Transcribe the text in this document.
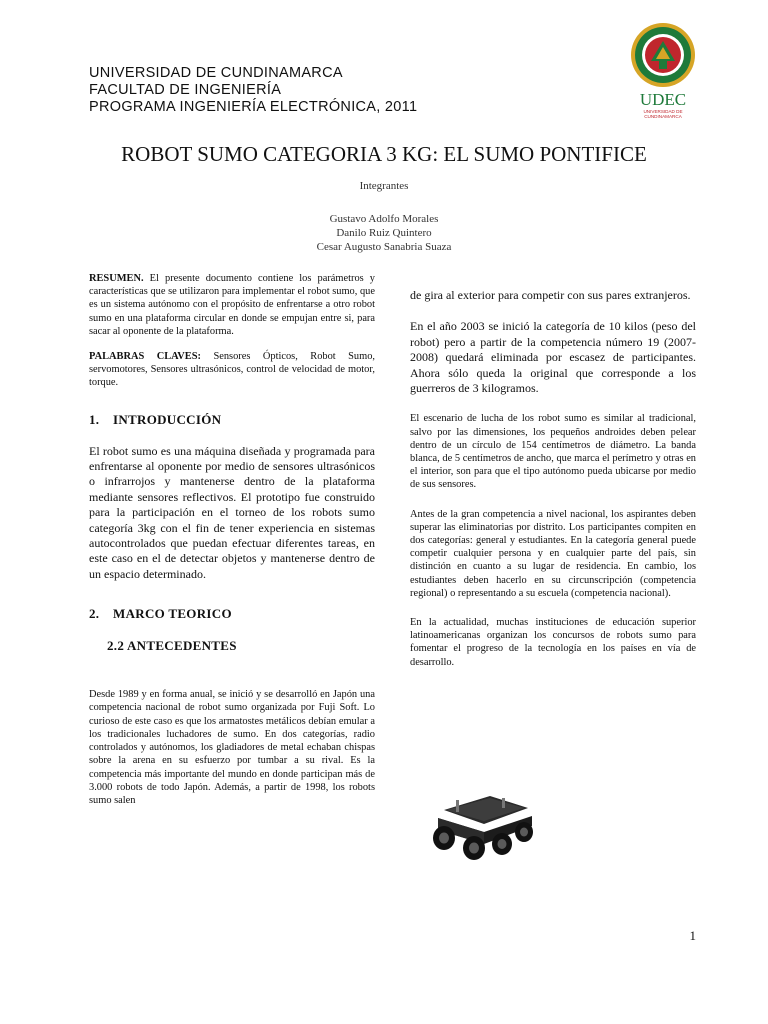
UNIVERSIDAD DE CUNDINAMARCA
FACULTAD DE INGENIERÍA
PROGRAMA INGENIERÍA ELECTRÓNICA, 2011	UDEC
UNIVERSIDAD DE
CUNDINAMARCA
ROBOT SUMO CATEGORIA 3 KG: EL SUMO PONTIFICE
Integrantes
Gustavo Adolfo Morales
Danilo Ruiz Quintero
Cesar Augusto Sanabria Suaza

RESUMEN. El presente documento contiene los parámetros y características que se utilizaron para implementar el robot sumo, que es un sistema autónomo con el propósito de enfrentarse a otro robot sumo en una plataforma circular en donde se empujan entre si, para sacar al oponente de la plataforma.

PALABRAS CLAVES: Sensores Ópticos, Robot Sumo, servomotores, Sensores ultrasónicos, control de velocidad de motor, torque.

1. INTRODUCCIÓN

El robot sumo es una máquina diseñada y programada para enfrentarse al oponente por medio de sensores ultrasónicos o infrarrojos y mantenerse dentro de la plataforma mediante sensores reflectivos. El prototipo fue construido para la participación en el torneo de los robots sumo categoría 3kg con el fin de tener experiencia en sistemas autocontrolados que puedan efectuar diferentes tareas, en este caso en el de detectar objetos y mantenerse dentro de un espacio determinado.

2. MARCO TEORICO
2.2 ANTECEDENTES

Desde 1989 y en forma anual, se inició y se desarrolló en Japón una competencia nacional de robot sumo organizada por Fuji Soft. Lo curioso de este caso es que los armatostes metálicos debían emular a los tradicionales luchadores de sumo. En dos categorías, radio controlados y autónomos, los gladiadores de metal echaban chispas sobre la arena en su esfuerzo por tumbar a su rival. Es la competencia más importante del mundo en donde participan más de 3.000 robots de todo Japón. Además, a partir de 1998, los robots sumo salen

de gira al exterior para competir con sus pares extranjeros.

En el año 2003 se inició la categoría de 10 kilos (peso del robot) pero a partir de la competencia número 19 (2007-2008) quedará eliminada por escasez de participantes. Ahora sólo queda la original que corresponde a los guerreros de 3 kilogramos.

El escenario de lucha de los robot sumo es similar al tradicional, salvo por las dimensiones, los pequeños androides deben pelear dentro de un círculo de 154 centímetros de diámetro. La banda blanca, de 5 centímetros de ancho, que marca el perímetro y otras en el interior, son para que el tipo autónomo pueda ubicarse por medio de sus sensores.

Antes de la gran competencia a nivel nacional, los aspirantes deben superar las eliminatorias por distrito. Los participantes compiten en dos categorías: general y estudiantes. En la categoría general puede competir cualquier persona y en cualquier parte del país, sin distinción en cuanto a su lugar de residencia. En cambio, los estudiantes deben hacerlo en su circunscripción (competencia regional) o representando a su escuela (competencia nacional).

En la actualidad, muchas instituciones de educación superior latinoamericanas organizan los concursos de robots sumo para fomentar el progreso de la tecnología en los países en vía de desarrollo.

1
